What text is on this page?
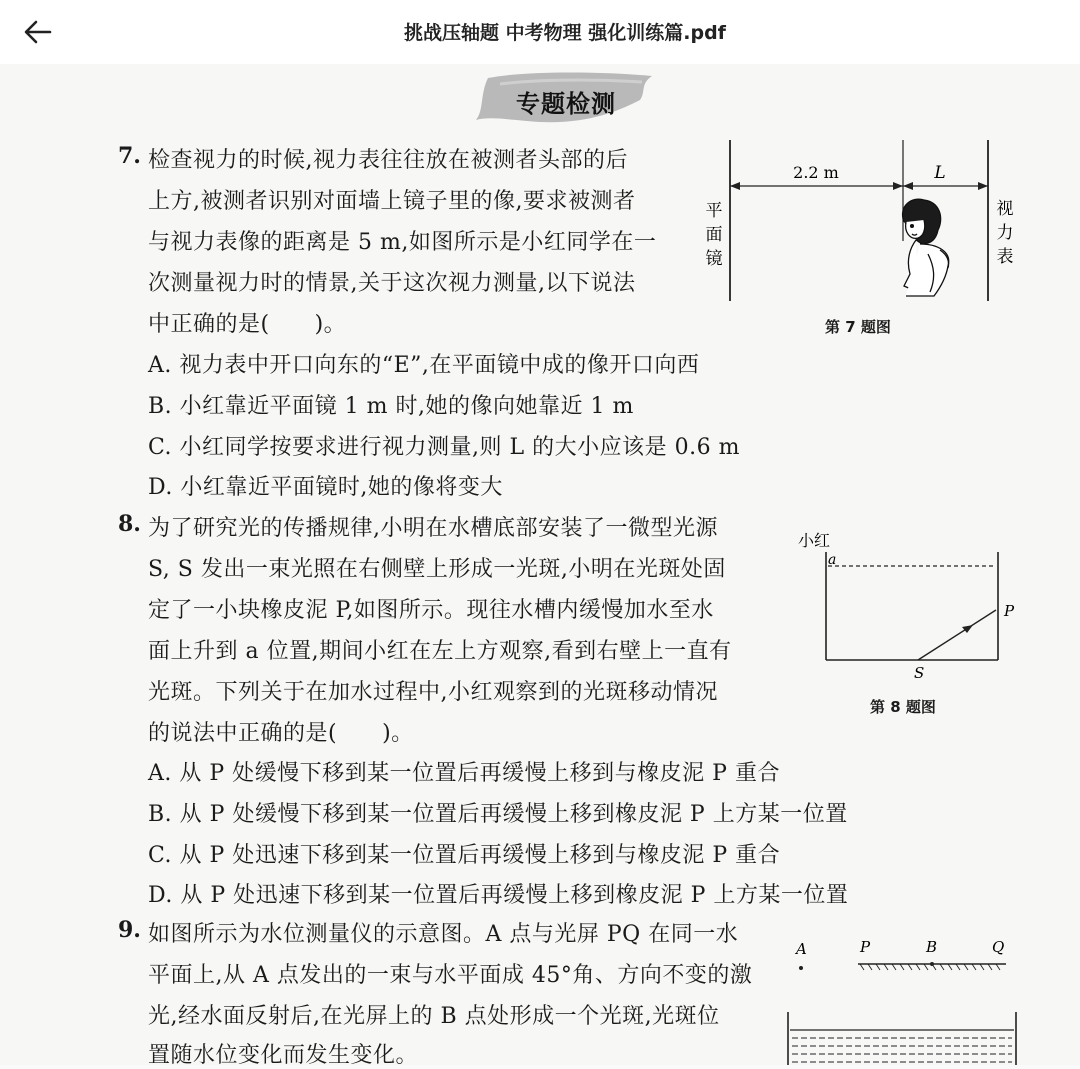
挑战压轴题 中考物理 强化训练篇.pdf
专题检测
7. 检查视力的时候,视力表往往放在被测者头部的后
上方,被测者识别对面墙上镜子里的像,要求被测者
与视力表像的距离是 5 m,如图所示是小红同学在一
次测量视力时的情景,关于这次视力测量,以下说法
中正确的是(　　)。
A. 视力表中开口向东的“E”,在平面镜中成的像开口向西
B. 小红靠近平面镜 1 m 时,她的像向她靠近 1 m
C. 小红同学按要求进行视力测量,则 L 的大小应该是 0.6 m
D. 小红靠近平面镜时,她的像将变大
2.2 m	L
平
面
镜
视
力
表
第 7 题图
8. 为了研究光的传播规律,小明在水槽底部安装了一微型光源
S, S 发出一束光照在右侧壁上形成一光斑,小明在光斑处固
定了一小块橡皮泥 P,如图所示。现往水槽内缓慢加水至水
面上升到 a 位置,期间小红在左上方观察,看到右壁上一直有
光斑。下列关于在加水过程中,小红观察到的光斑移动情况
的说法中正确的是(　　)。
A. 从 P 处缓慢下移到某一位置后再缓慢上移到与橡皮泥 P 重合
B. 从 P 处缓慢下移到某一位置后再缓慢上移到橡皮泥 P 上方某一位置
C. 从 P 处迅速下移到某一位置后再缓慢上移到与橡皮泥 P 重合
D. 从 P 处迅速下移到某一位置后再缓慢上移到橡皮泥 P 上方某一位置
小红
a
P
S
第 8 题图
9. 如图所示为水位测量仪的示意图。A 点与光屏 PQ 在同一水
平面上,从 A 点发出的一束与水平面成 45°角、方向不变的激
光,经水面反射后,在光屏上的 B 点处形成一个光斑,光斑位
置随水位变化而发生变化。
A	P	B	Q
